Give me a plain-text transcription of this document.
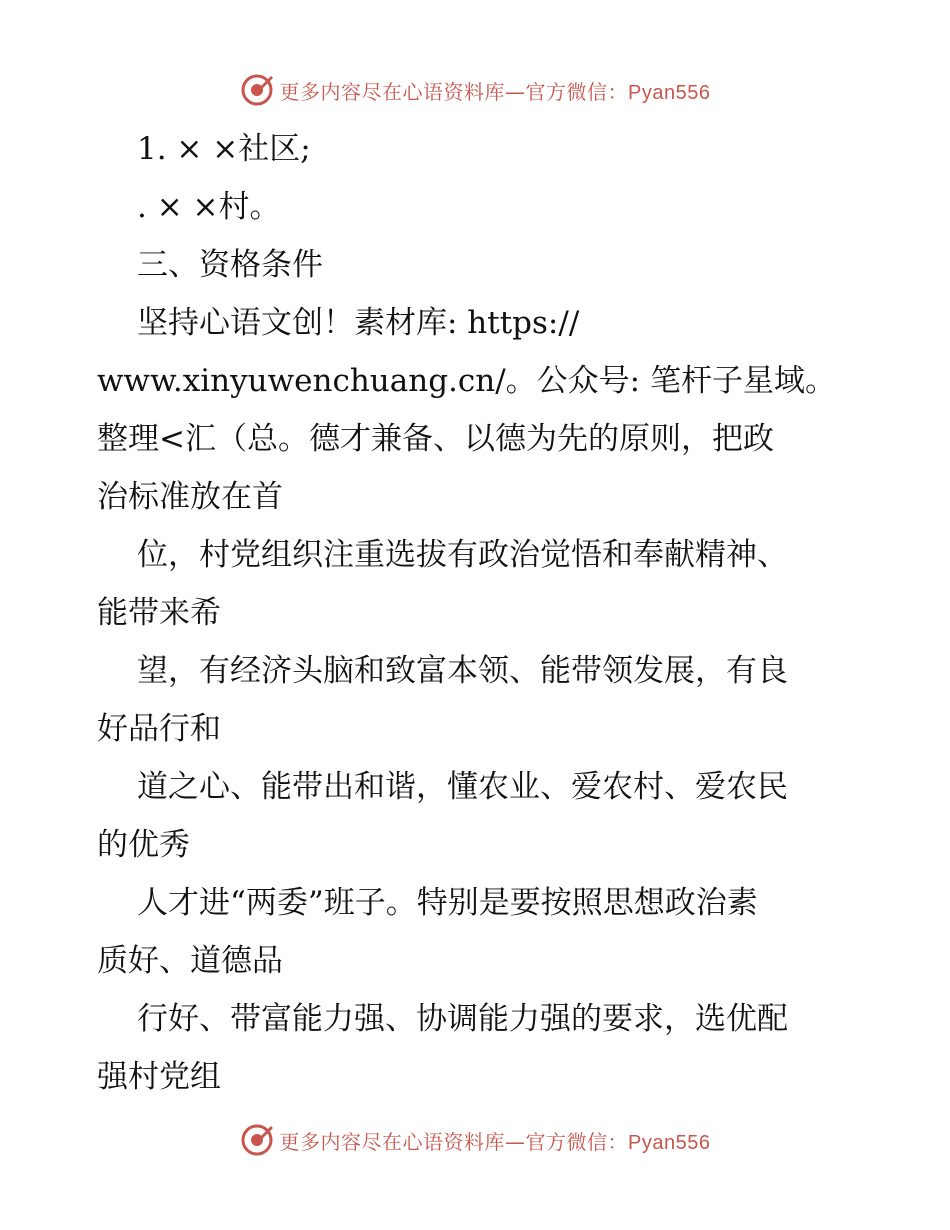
更多内容尽在心语资料库—官方微信：Pyan556
1. × ×社区;
. × ×村。
三、资格条件
坚持心语文创！素材库: https://
www.xinyuwenchuang.cn/。公众号: 笔杆子星域。
整理<汇（总。德才兼备、以德为先的原则，把政
治标准放在首
位，村党组织注重选拔有政治觉悟和奉献精神、
能带来希
望，有经济头脑和致富本领、能带领发展，有良
好品行和
道之心、能带出和谐，懂农业、爱农村、爱农民
的优秀
人才进“两委”班子。特别是要按照思想政治素
质好、道德品
行好、带富能力强、协调能力强的要求，选优配
强村党组
更多内容尽在心语资料库—官方微信：Pyan556
